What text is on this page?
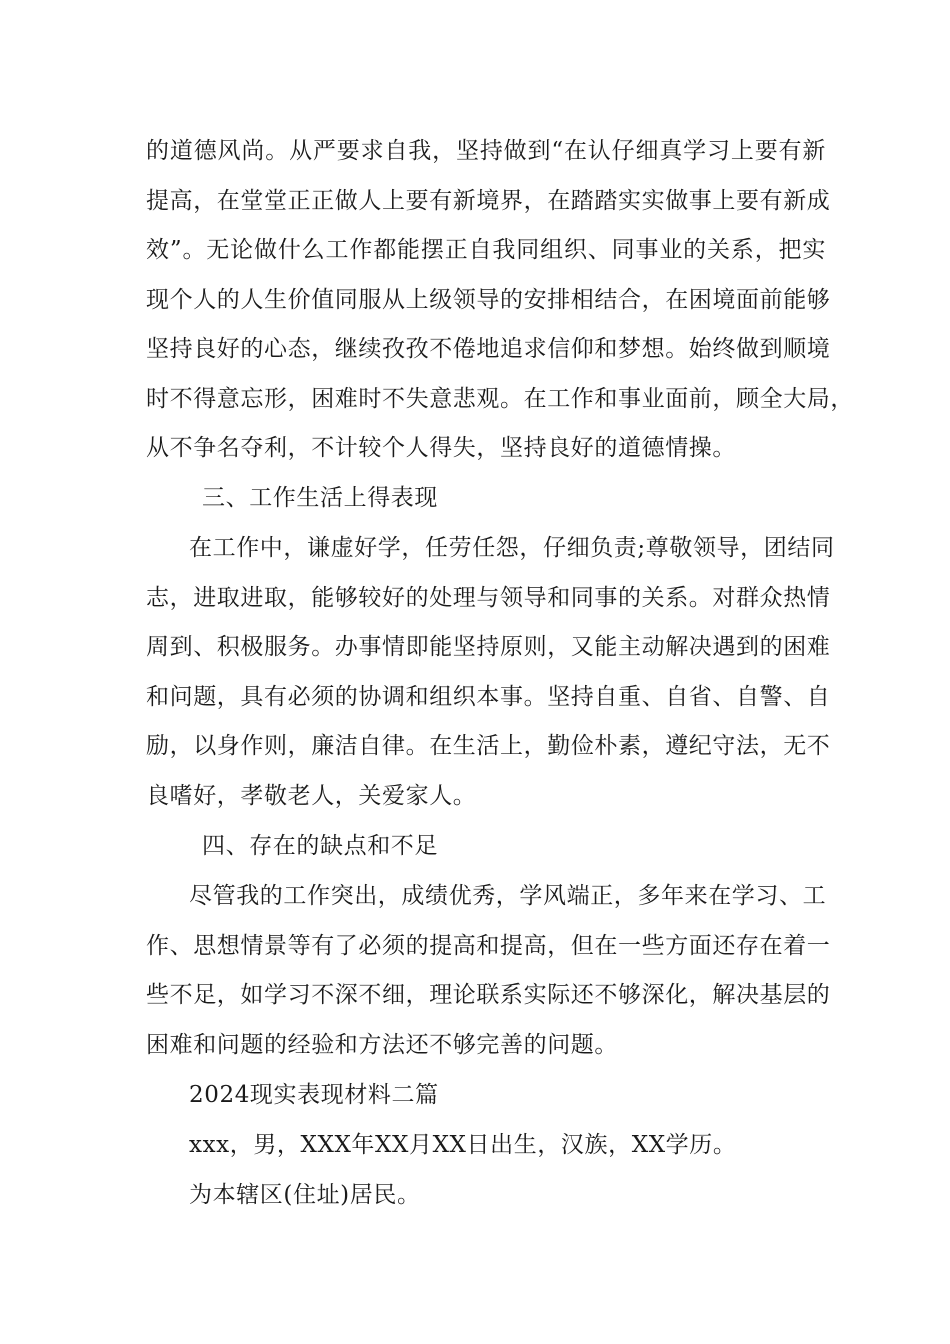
的道德风尚。从严要求自我，坚持做到“在认仔细真学习上要有新
提高，在堂堂正正做人上要有新境界，在踏踏实实做事上要有新成
效”。无论做什么工作都能摆正自我同组织、同事业的关系，把实
现个人的人生价值同服从上级领导的安排相结合，在困境面前能够
坚持良好的心态，继续孜孜不倦地追求信仰和梦想。始终做到顺境
时不得意忘形，困难时不失意悲观。在工作和事业面前，顾全大局，
从不争名夺利，不计较个人得失，坚持良好的道德情操。
三、工作生活上得表现
在工作中，谦虚好学，任劳任怨，仔细负责;尊敬领导，团结同
志，进取进取，能够较好的处理与领导和同事的关系。对群众热情
周到、积极服务。办事情即能坚持原则，又能主动解决遇到的困难
和问题，具有必须的协调和组织本事。坚持自重、自省、自警、自
励，以身作则，廉洁自律。在生活上，勤俭朴素，遵纪守法，无不
良嗜好，孝敬老人，关爱家人。
四、存在的缺点和不足
尽管我的工作突出，成绩优秀，学风端正，多年来在学习、工
作、思想情景等有了必须的提高和提高，但在一些方面还存在着一
些不足，如学习不深不细，理论联系实际还不够深化，解决基层的
困难和问题的经验和方法还不够完善的问题。
2024现实表现材料二篇
xxx，男，XXX年XX月XX日出生，汉族，XX学历。
为本辖区(住址)居民。
